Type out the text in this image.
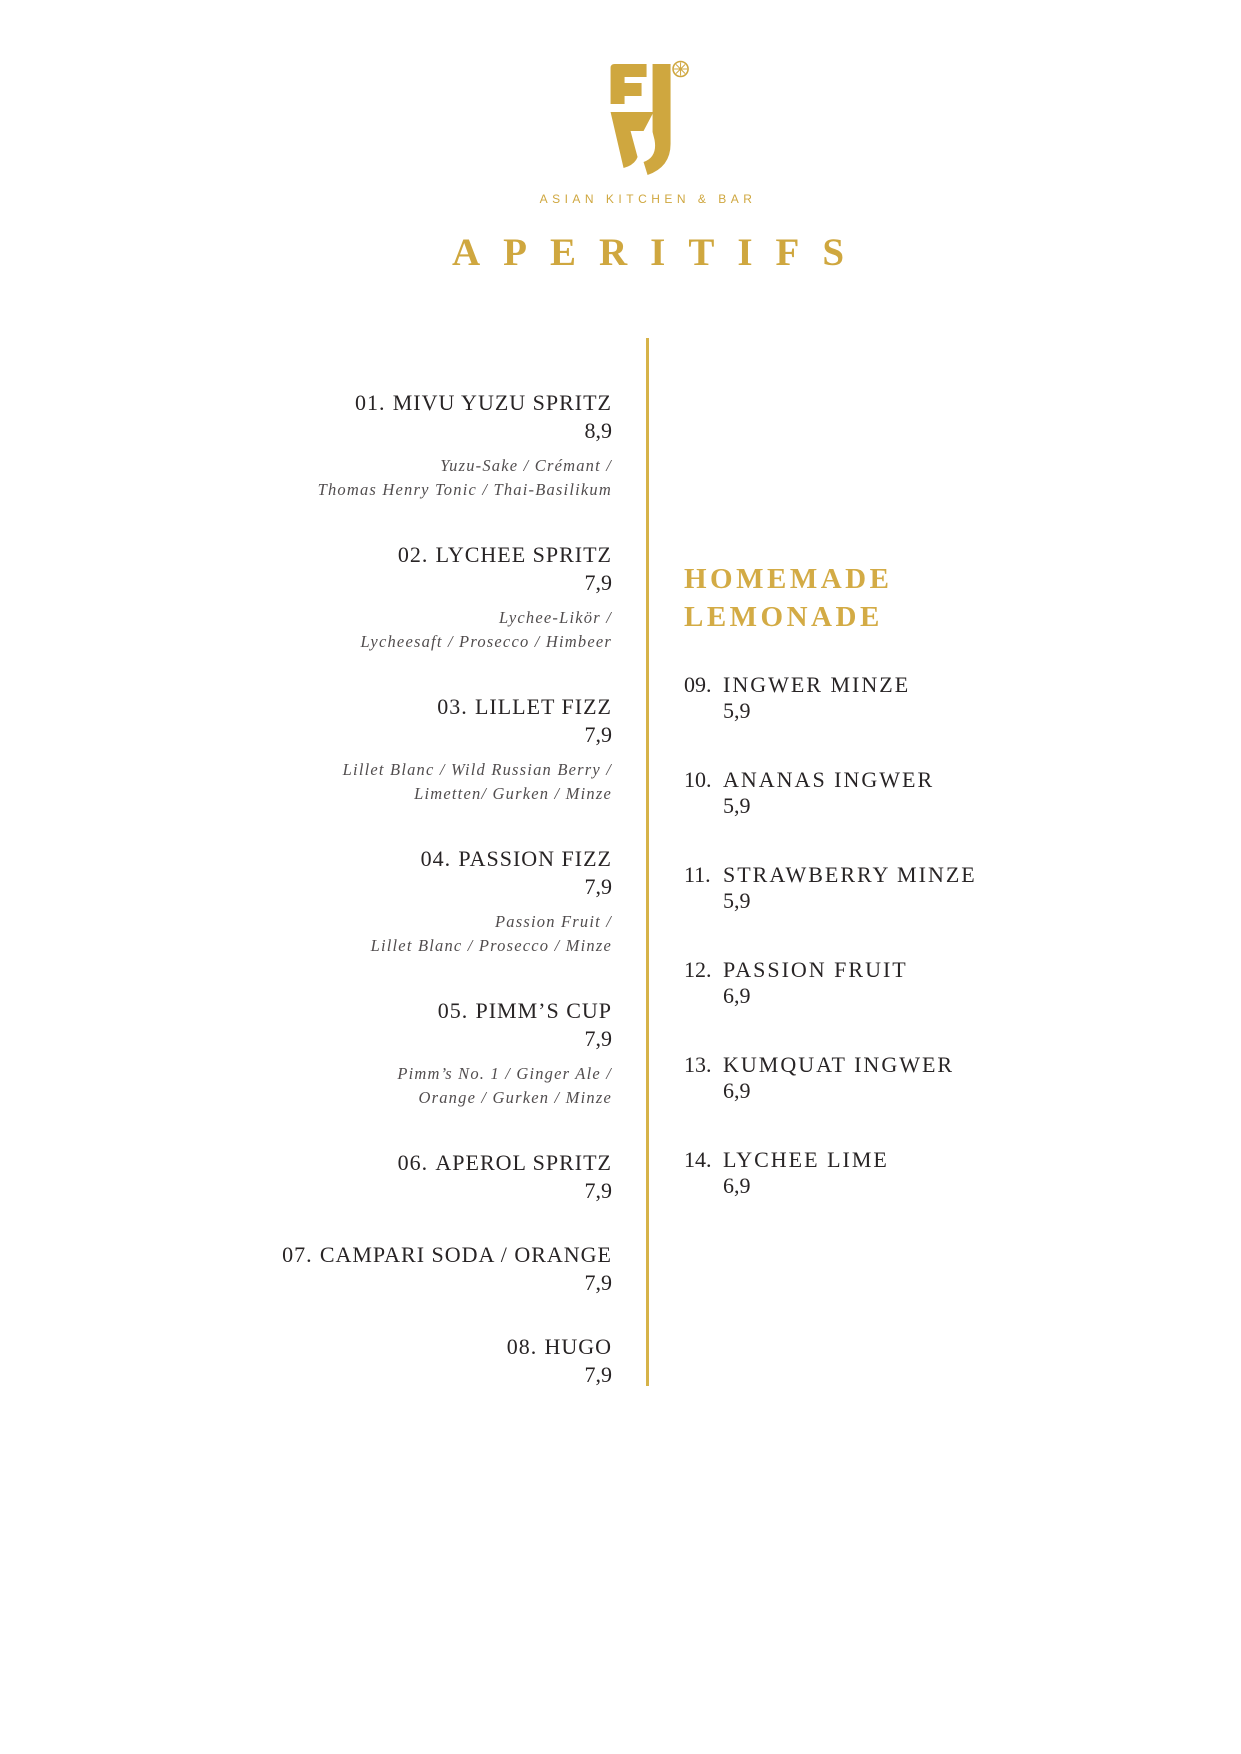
ASIAN KITCHEN & BAR
APERITIFS
01. MIVU YUZU SPRITZ
8,9
Yuzu-Sake / Crémant /
Thomas Henry Tonic / Thai-Basilikum
02. LYCHEE SPRITZ
7,9
Lychee-Likör /
Lycheesaft / Prosecco / Himbeer
03. LILLET FIZZ
7,9
Lillet Blanc / Wild Russian Berry /
Limetten/ Gurken / Minze
04. PASSION FIZZ
7,9
Passion Fruit /
Lillet Blanc / Prosecco / Minze
05. PIMM’S CUP
7,9
Pimm’s No. 1 / Ginger Ale /
Orange / Gurken / Minze
06. APEROL SPRITZ
7,9
07. CAMPARI SODA / ORANGE
7,9
08. HUGO
7,9
HOMEMADE
LEMONADE
09. INGWER MINZE
5,9
10. ANANAS INGWER
5,9
11. STRAWBERRY MINZE
5,9
12. PASSION FRUIT
6,9
13. KUMQUAT INGWER
6,9
14. LYCHEE LIME
6,9
